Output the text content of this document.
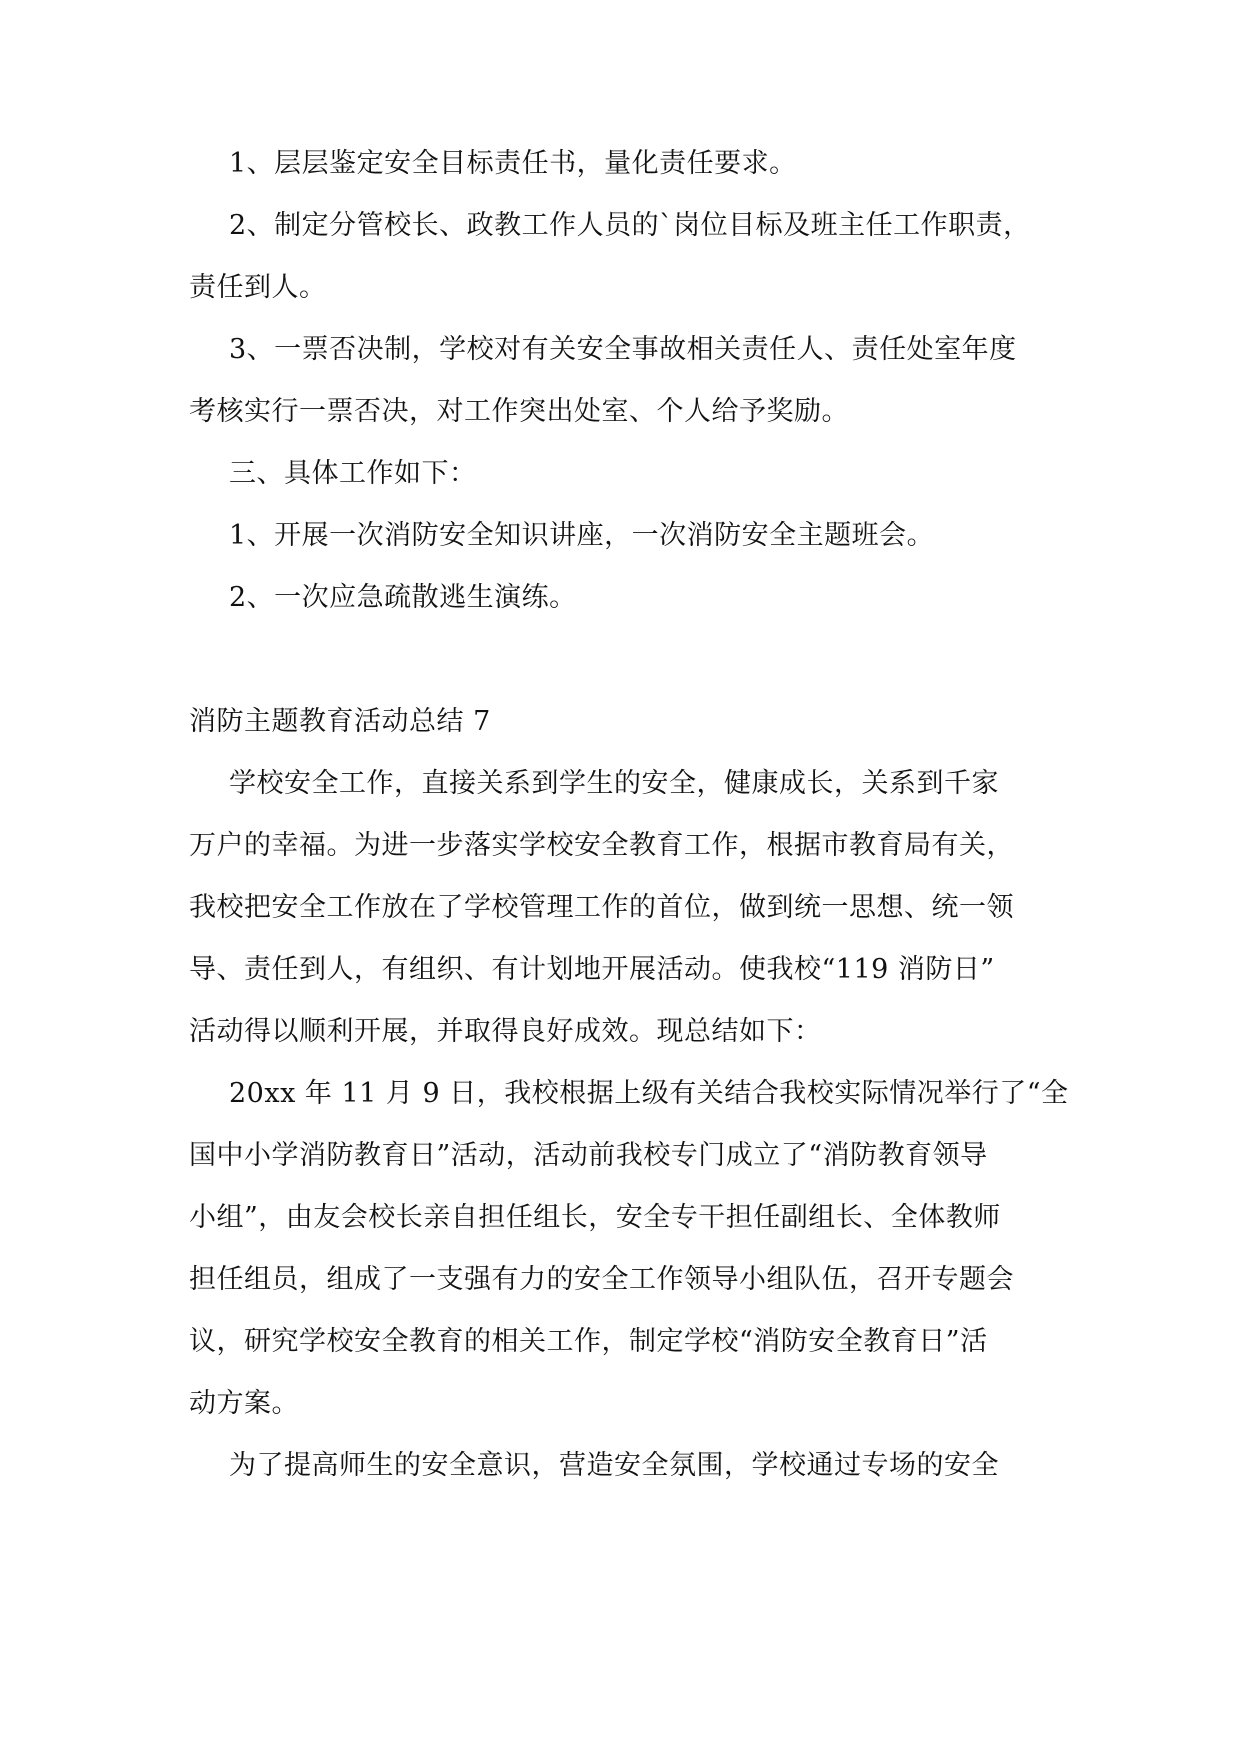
1、层层鉴定安全目标责任书，量化责任要求。
2、制定分管校长、政教工作人员的`岗位目标及班主任工作职责，
责任到人。
3、一票否决制，学校对有关安全事故相关责任人、责任处室年度
考核实行一票否决，对工作突出处室、个人给予奖励。
三、具体工作如下：
1、开展一次消防安全知识讲座，一次消防安全主题班会。
2、一次应急疏散逃生演练。
消防主题教育活动总结 7
学校安全工作，直接关系到学生的安全，健康成长，关系到千家
万户的幸福。为进一步落实学校安全教育工作，根据市教育局有关，
我校把安全工作放在了学校管理工作的首位，做到统一思想、统一领
导、责任到人，有组织、有计划地开展活动。使我校“119 消防日”
活动得以顺利开展，并取得良好成效。现总结如下：
20xx 年 11 月 9 日，我校根据上级有关结合我校实际情况举行了“全
国中小学消防教育日”活动，活动前我校专门成立了“消防教育领导
小组”，由友会校长亲自担任组长，安全专干担任副组长、全体教师
担任组员，组成了一支强有力的安全工作领导小组队伍，召开专题会
议，研究学校安全教育的相关工作，制定学校“消防安全教育日”活
动方案。
为了提高师生的安全意识，营造安全氛围，学校通过专场的安全
